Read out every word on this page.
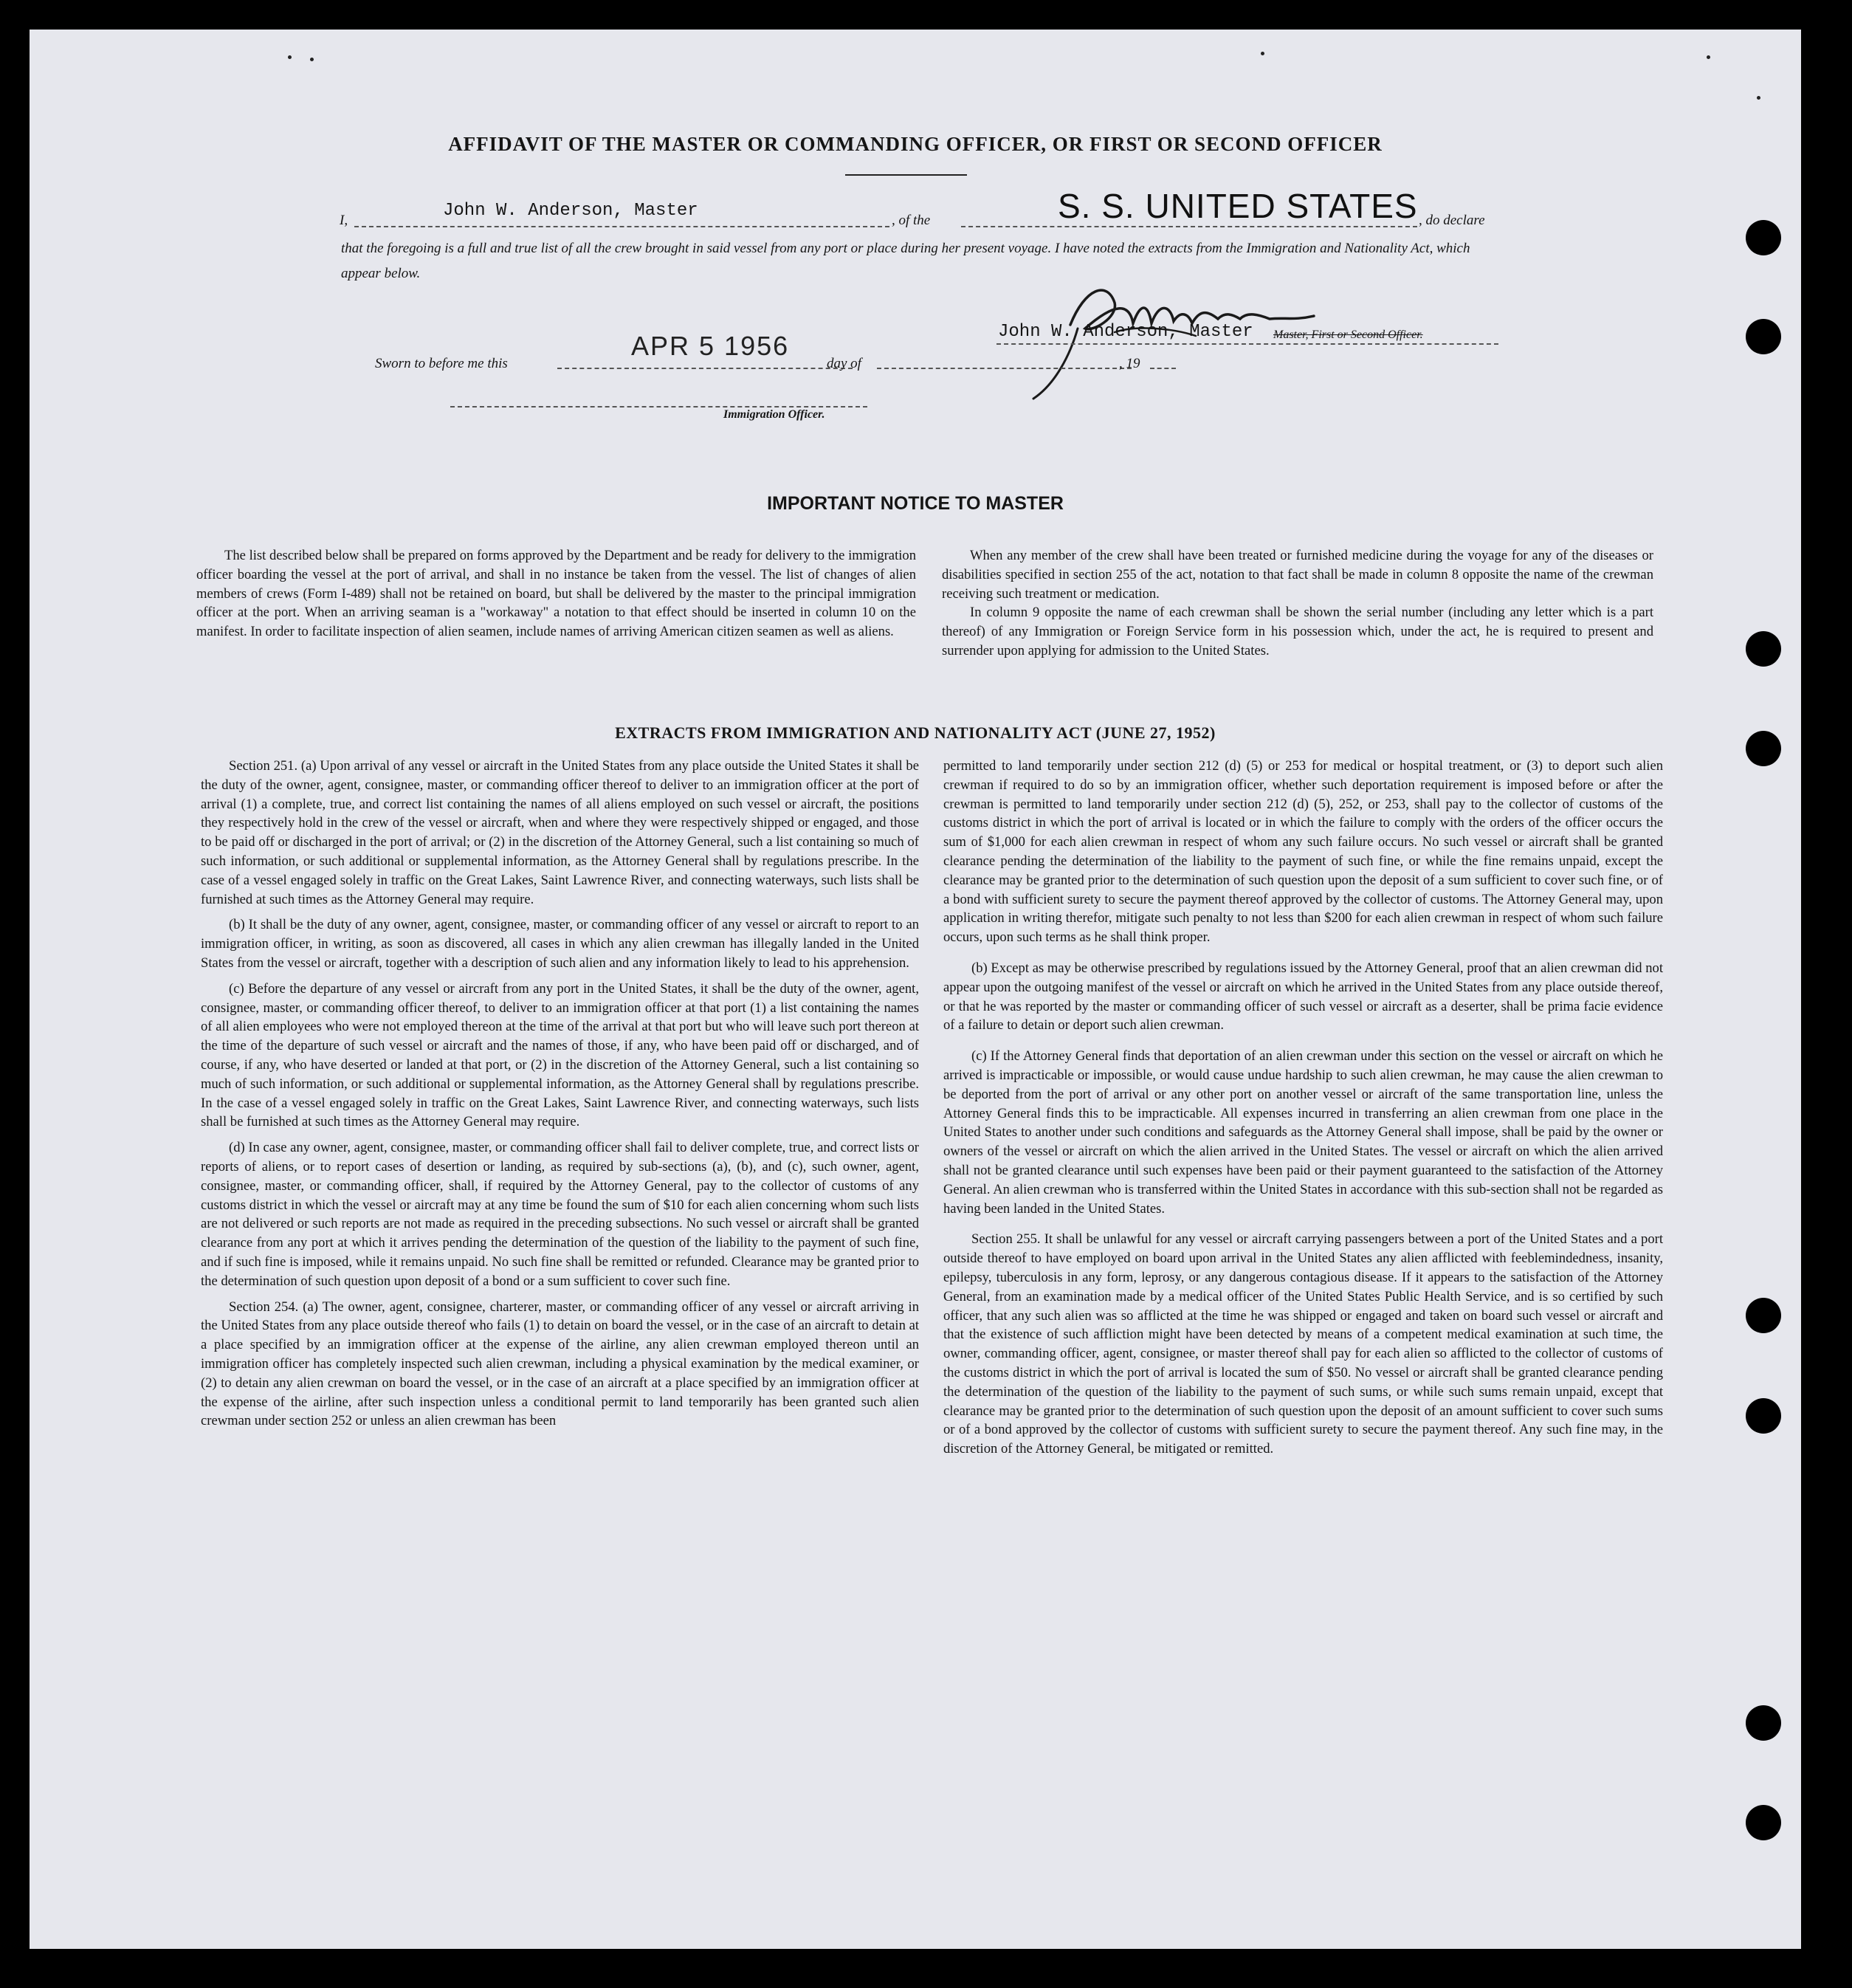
AFFIDAVIT OF THE MASTER OR COMMANDING OFFICER, OR FIRST OR SECOND OFFICER
I,	John W. Anderson, Master	, of the	S. S. UNITED STATES , do declare
that the foregoing is a full and true list of all the crew brought in said vessel from any port or place during her present voyage. I have noted the extracts from the Immigration and Nationality Act, which appear below.
John W. Anderson, Master Master, First or Second Officer.
Sworn to before me this
APR 5 1956
day of	, 19
Immigration Officer.
IMPORTANT NOTICE TO MASTER

The list described below shall be prepared on forms approved by the Department and be ready for delivery to the immigration officer boarding the vessel at the port of arrival, and shall in no instance be taken from the vessel. The list of changes of alien members of crews (Form I-489) shall not be retained on board, but shall be delivered by the master to the principal immigration officer at the port. When an arriving seaman is a "workaway" a notation to that effect should be inserted in column 10 on the manifest. In order to facilitate inspection of alien seamen, include names of arriving American citizen seamen as well as aliens.

When any member of the crew shall have been treated or furnished medicine during the voyage for any of the diseases or disabilities specified in section 255 of the act, notation to that fact shall be made in column 8 opposite the name of the crewman receiving such treatment or medication.

In column 9 opposite the name of each crewman shall be shown the serial number (including any letter which is a part thereof) of any Immigration or Foreign Service form in his possession which, under the act, he is required to present and surrender upon applying for admission to the United States.

EXTRACTS FROM IMMIGRATION AND NATIONALITY ACT (JUNE 27, 1952)

Section 251. (a) Upon arrival of any vessel or aircraft in the United States from any place outside the United States it shall be the duty of the owner, agent, consignee, master, or commanding officer thereof to deliver to an immigration officer at the port of arrival (1) a complete, true, and correct list containing the names of all aliens employed on such vessel or aircraft, the positions they respectively hold in the crew of the vessel or aircraft, when and where they were respectively shipped or engaged, and those to be paid off or discharged in the port of arrival; or (2) in the discretion of the Attorney General, such a list containing so much of such information, or such additional or supplemental information, as the Attorney General shall by regulations prescribe. In the case of a vessel engaged solely in traffic on the Great Lakes, Saint Lawrence River, and connecting waterways, such lists shall be furnished at such times as the Attorney General may require.

(b) It shall be the duty of any owner, agent, consignee, master, or commanding officer of any vessel or aircraft to report to an immigration officer, in writing, as soon as discovered, all cases in which any alien crewman has illegally landed in the United States from the vessel or aircraft, together with a description of such alien and any information likely to lead to his apprehension.

(c) Before the departure of any vessel or aircraft from any port in the United States, it shall be the duty of the owner, agent, consignee, master, or commanding officer thereof, to deliver to an immigration officer at that port (1) a list containing the names of all alien employees who were not employed thereon at the time of the arrival at that port but who will leave such port thereon at the time of the departure of such vessel or aircraft and the names of those, if any, who have been paid off or discharged, and of course, if any, who have deserted or landed at that port, or (2) in the discretion of the Attorney General, such a list containing so much of such information, or such additional or supplemental information, as the Attorney General shall by regulations prescribe. In the case of a vessel engaged solely in traffic on the Great Lakes, Saint Lawrence River, and connecting waterways, such lists shall be furnished at such times as the Attorney General may require.

(d) In case any owner, agent, consignee, master, or commanding officer shall fail to deliver complete, true, and correct lists or reports of aliens, or to report cases of desertion or landing, as required by sub-sections (a), (b), and (c), such owner, agent, consignee, master, or commanding officer, shall, if required by the Attorney General, pay to the collector of customs of any customs district in which the vessel or aircraft may at any time be found the sum of $10 for each alien concerning whom such lists are not delivered or such reports are not made as required in the preceding subsections. No such vessel or aircraft shall be granted clearance from any port at which it arrives pending the determination of the question of the liability to the payment of such fine, and if such fine is imposed, while it remains unpaid. No such fine shall be remitted or refunded. Clearance may be granted prior to the determination of such question upon deposit of a bond or a sum sufficient to cover such fine.

Section 254. (a) The owner, agent, consignee, charterer, master, or commanding officer of any vessel or aircraft arriving in the United States from any place outside thereof who fails (1) to detain on board the vessel, or in the case of an aircraft to detain at a place specified by an immigration officer at the expense of the airline, any alien crewman employed thereon until an immigration officer has completely inspected such alien crewman, including a physical examination by the medical examiner, or (2) to detain any alien crewman on board the vessel, or in the case of an aircraft at a place specified by an immigration officer at the expense of the airline, after such inspection unless a conditional permit to land temporarily has been granted such alien crewman under section 252 or unless an alien crewman has been

permitted to land temporarily under section 212 (d) (5) or 253 for medical or hospital treatment, or (3) to deport such alien crewman if required to do so by an immigration officer, whether such deportation requirement is imposed before or after the crewman is permitted to land temporarily under section 212 (d) (5), 252, or 253, shall pay to the collector of customs of the customs district in which the port of arrival is located or in which the failure to comply with the orders of the officer occurs the sum of $1,000 for each alien crewman in respect of whom any such failure occurs. No such vessel or aircraft shall be granted clearance pending the determination of the liability to the payment of such fine, or while the fine remains unpaid, except the clearance may be granted prior to the determination of such question upon the deposit of a sum sufficient to cover such fine, or of a bond with sufficient surety to secure the payment thereof approved by the collector of customs. The Attorney General may, upon application in writing therefor, mitigate such penalty to not less than $200 for each alien crewman in respect of whom such failure occurs, upon such terms as he shall think proper.

(b) Except as may be otherwise prescribed by regulations issued by the Attorney General, proof that an alien crewman did not appear upon the outgoing manifest of the vessel or aircraft on which he arrived in the United States from any place outside thereof, or that he was reported by the master or commanding officer of such vessel or aircraft as a deserter, shall be prima facie evidence of a failure to detain or deport such alien crewman.

(c) If the Attorney General finds that deportation of an alien crewman under this section on the vessel or aircraft on which he arrived is impracticable or impossible, or would cause undue hardship to such alien crewman, he may cause the alien crewman to be deported from the port of arrival or any other port on another vessel or aircraft of the same transportation line, unless the Attorney General finds this to be impracticable. All expenses incurred in transferring an alien crewman from one place in the United States to another under such conditions and safeguards as the Attorney General shall impose, shall be paid by the owner or owners of the vessel or aircraft on which the alien arrived in the United States. The vessel or aircraft on which the alien arrived shall not be granted clearance until such expenses have been paid or their payment guaranteed to the satisfaction of the Attorney General. An alien crewman who is transferred within the United States in accordance with this sub-section shall not be regarded as having been landed in the United States.

Section 255. It shall be unlawful for any vessel or aircraft carrying passengers between a port of the United States and a port outside thereof to have employed on board upon arrival in the United States any alien afflicted with feeblemindedness, insanity, epilepsy, tuberculosis in any form, leprosy, or any dangerous contagious disease. If it appears to the satisfaction of the Attorney General, from an examination made by a medical officer of the United States Public Health Service, and is so certified by such officer, that any such alien was so afflicted at the time he was shipped or engaged and taken on board such vessel or aircraft and that the existence of such affliction might have been detected by means of a competent medical examination at such time, the owner, commanding officer, agent, consignee, or master thereof shall pay for each alien so afflicted to the collector of customs of the customs district in which the port of arrival is located the sum of $50. No vessel or aircraft shall be granted clearance pending the determination of the question of the liability to the payment of such sums, or while such sums remain unpaid, except that clearance may be granted prior to the determination of such question upon the deposit of an amount sufficient to cover such sums or of a bond approved by the collector of customs with sufficient surety to secure the payment thereof. Any such fine may, in the discretion of the Attorney General, be mitigated or remitted.
